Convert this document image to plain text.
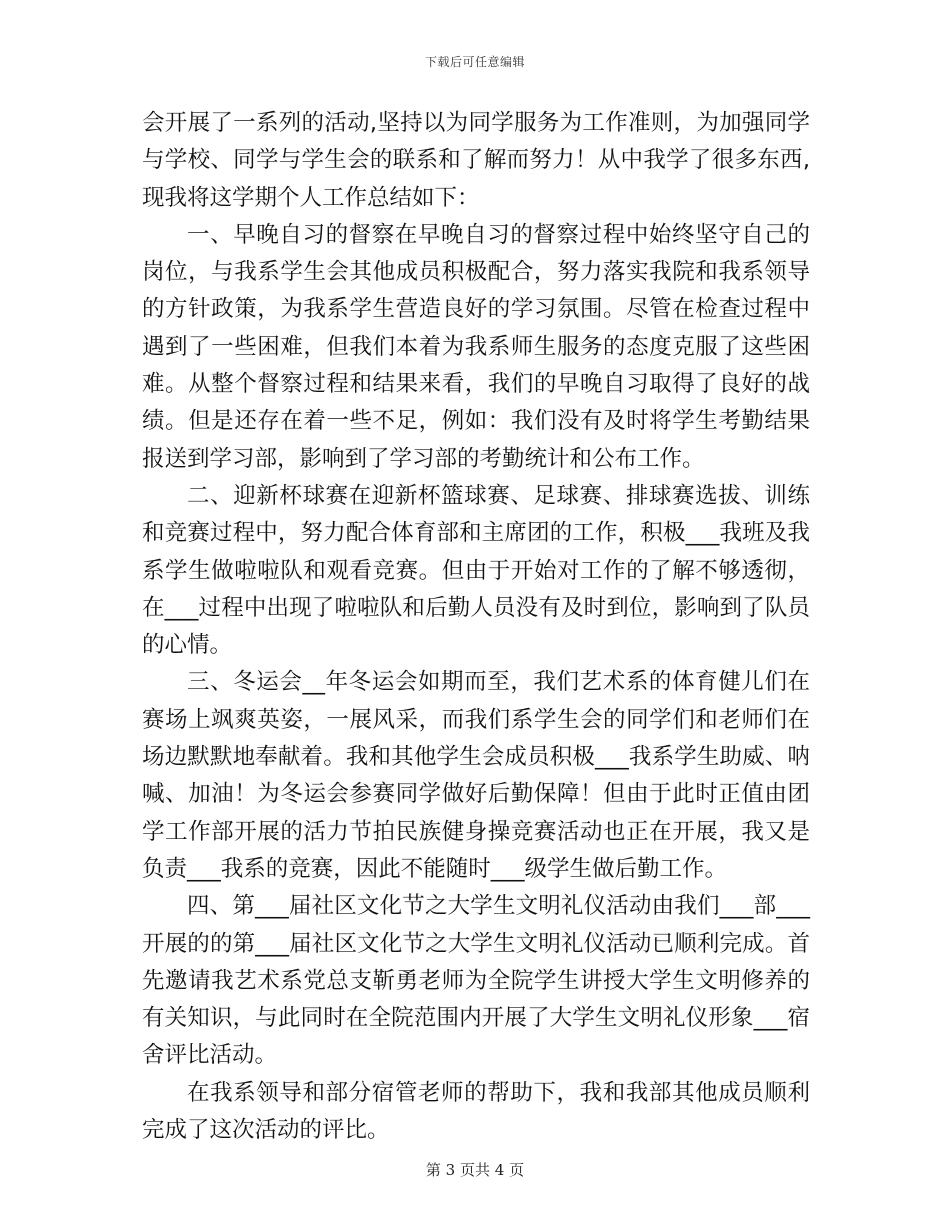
下载后可任意编辑

会开展了一系列的活动,坚持以为同学服务为工作准则，为加强同学与学校、同学与学生会的联系和了解而努力！从中我学了很多东西,现我将这学期个人工作总结如下：

一、早晚自习的督察在早晚自习的督察过程中始终坚守自己的岗位，与我系学生会其他成员积极配合，努力落实我院和我系领导的方针政策，为我系学生营造良好的学习氛围。尽管在检查过程中遇到了一些困难，但我们本着为我系师生服务的态度克服了这些困难。从整个督察过程和结果来看，我们的早晚自习取得了良好的战绩。但是还存在着一些不足，例如：我们没有及时将学生考勤结果报送到学习部，影响到了学习部的考勤统计和公布工作。

二、迎新杯球赛在迎新杯篮球赛、足球赛、排球赛选拔、训练和竞赛过程中，努力配合体育部和主席团的工作，积极___我班及我系学生做啦啦队和观看竞赛。但由于开始对工作的了解不够透彻，在___过程中出现了啦啦队和后勤人员没有及时到位，影响到了队员的心情。

三、冬运会__年冬运会如期而至，我们艺术系的体育健儿们在赛场上飒爽英姿，一展风采，而我们系学生会的同学们和老师们在场边默默地奉献着。我和其他学生会成员积极___我系学生助威、呐喊、加油！为冬运会参赛同学做好后勤保障！但由于此时正值由团学工作部开展的活力节拍民族健身操竞赛活动也正在开展，我又是负责___我系的竞赛，因此不能随时___级学生做后勤工作。

四、第___届社区文化节之大学生文明礼仪活动由我们___部___开展的的第___届社区文化节之大学生文明礼仪活动已顺利完成。首先邀请我艺术系党总支靳勇老师为全院学生讲授大学生文明修养的有关知识，与此同时在全院范围内开展了大学生文明礼仪形象___宿舍评比活动。

在我系领导和部分宿管老师的帮助下，我和我部其他成员顺利完成了这次活动的评比。

第 3 页共 4 页
